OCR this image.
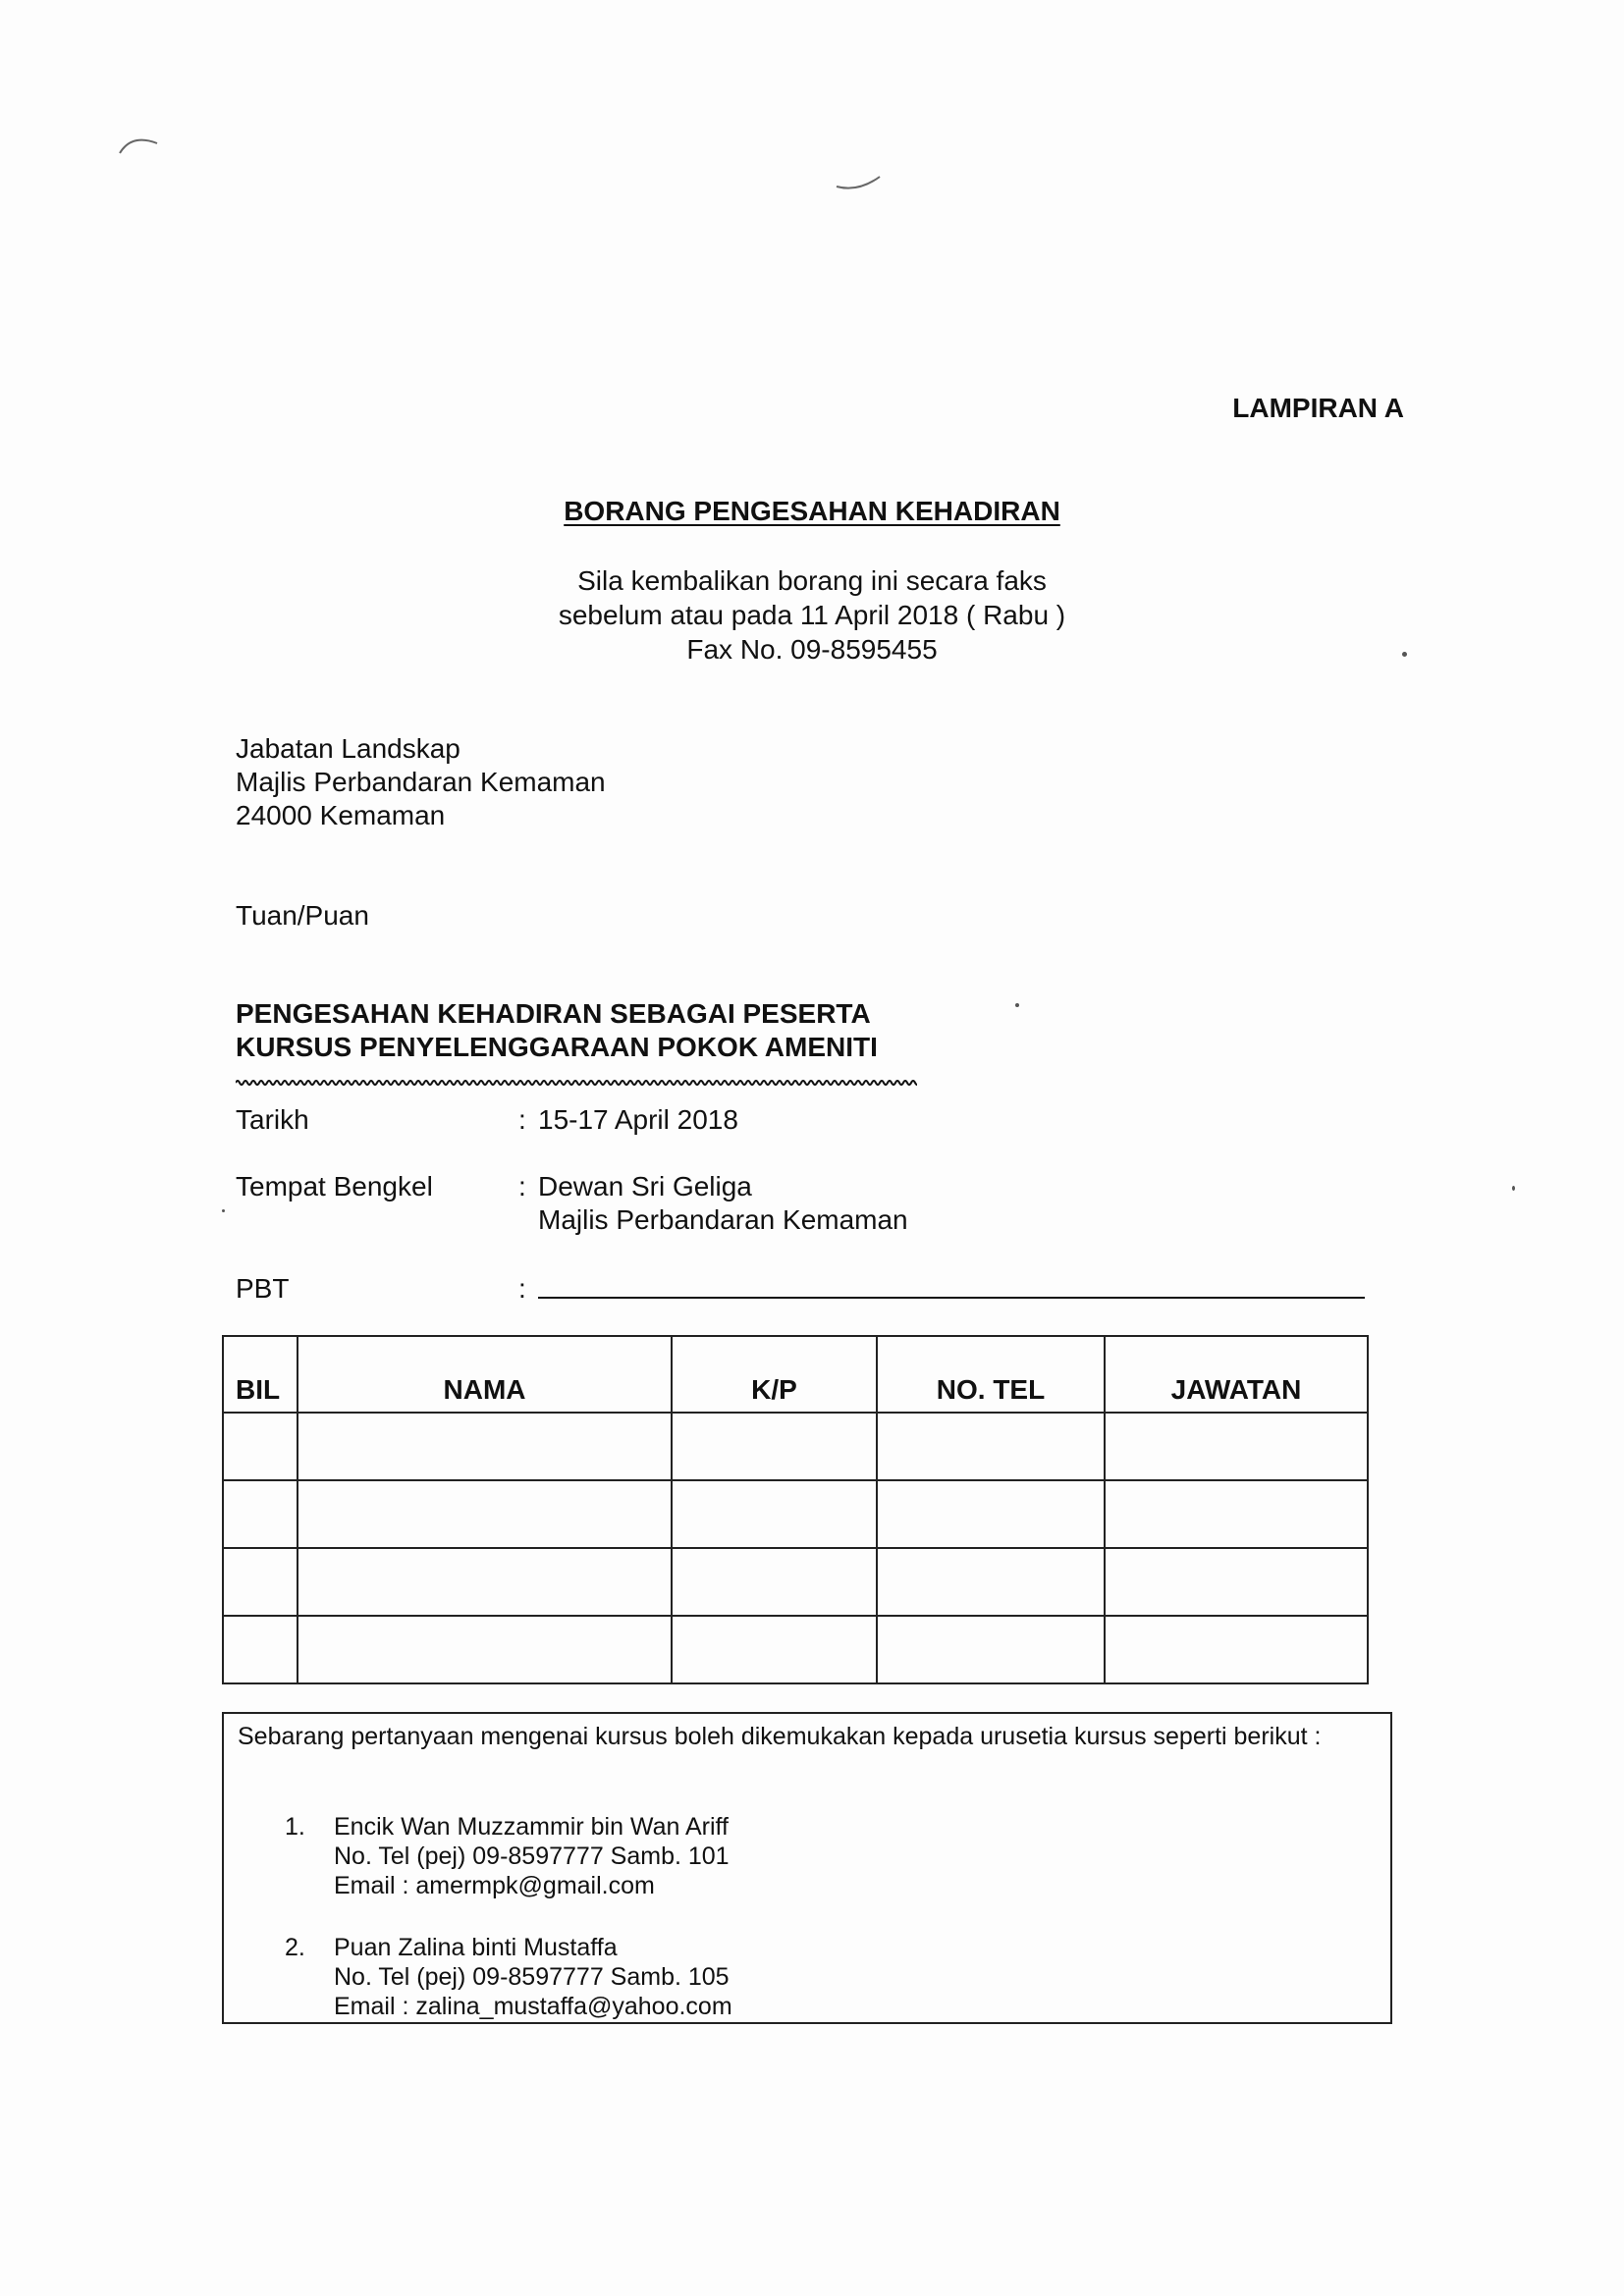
LAMPIRAN A
BORANG PENGESAHAN KEHADIRAN
Sila kembalikan borang ini secara faks
sebelum atau pada 11 April 2018 ( Rabu )
Fax No. 09-8595455
Jabatan Landskap
Majlis Perbandaran Kemaman
24000 Kemaman
Tuan/Puan
PENGESAHAN KEHADIRAN SEBAGAI PESERTA
KURSUS PENYELENGGARAAN POKOK AMENITI
Tarikh	: 15-17 April 2018
Tempat Bengkel	: Dewan Sri Geliga
Majlis Perbandaran Kemaman
PBT	:
BIL	NAMA	K/P	NO. TEL	JAWATAN

Sebarang pertanyaan mengenai kursus boleh dikemukakan kepada urusetia kursus seperti berikut :
1.	Encik Wan Muzzammir bin Wan Ariff
No. Tel (pej) 09-8597777 Samb. 101
Email : amermpk@gmail.com
2.	Puan Zalina binti Mustaffa
No. Tel (pej) 09-8597777 Samb. 105
Email : zalina_mustaffa@yahoo.com
